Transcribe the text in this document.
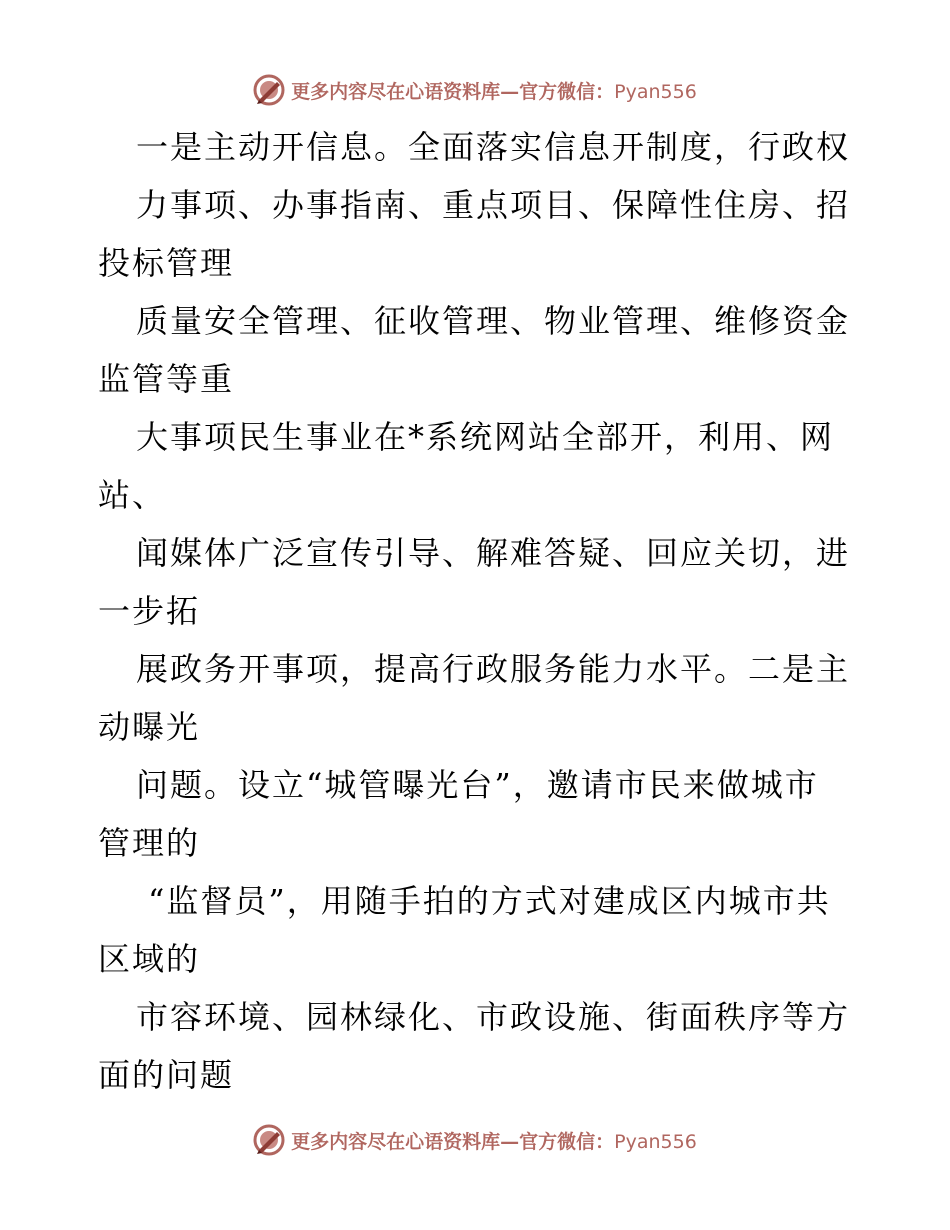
更多内容尽在心语资料库—官方微信：Pyan556
一是主动开信息。全面落实信息开制度，行政权
力事项、办事指南、重点项目、保障性住房、招
投标管理
质量安全管理、征收管理、物业管理、维修资金
监管等重
大事项民生事业在*系统网站全部开，利用、网
站、
闻媒体广泛宣传引导、解难答疑、回应关切，进
一步拓
展政务开事项，提高行政服务能力水平。二是主
动曝光
问题。设立“城管曝光台”，邀请市民来做城市
管理的
“监督员”，用随手拍的方式对建成区内城市共
区域的
市容环境、园林绿化、市政设施、街面秩序等方
面的问题
更多内容尽在心语资料库—官方微信：Pyan556
